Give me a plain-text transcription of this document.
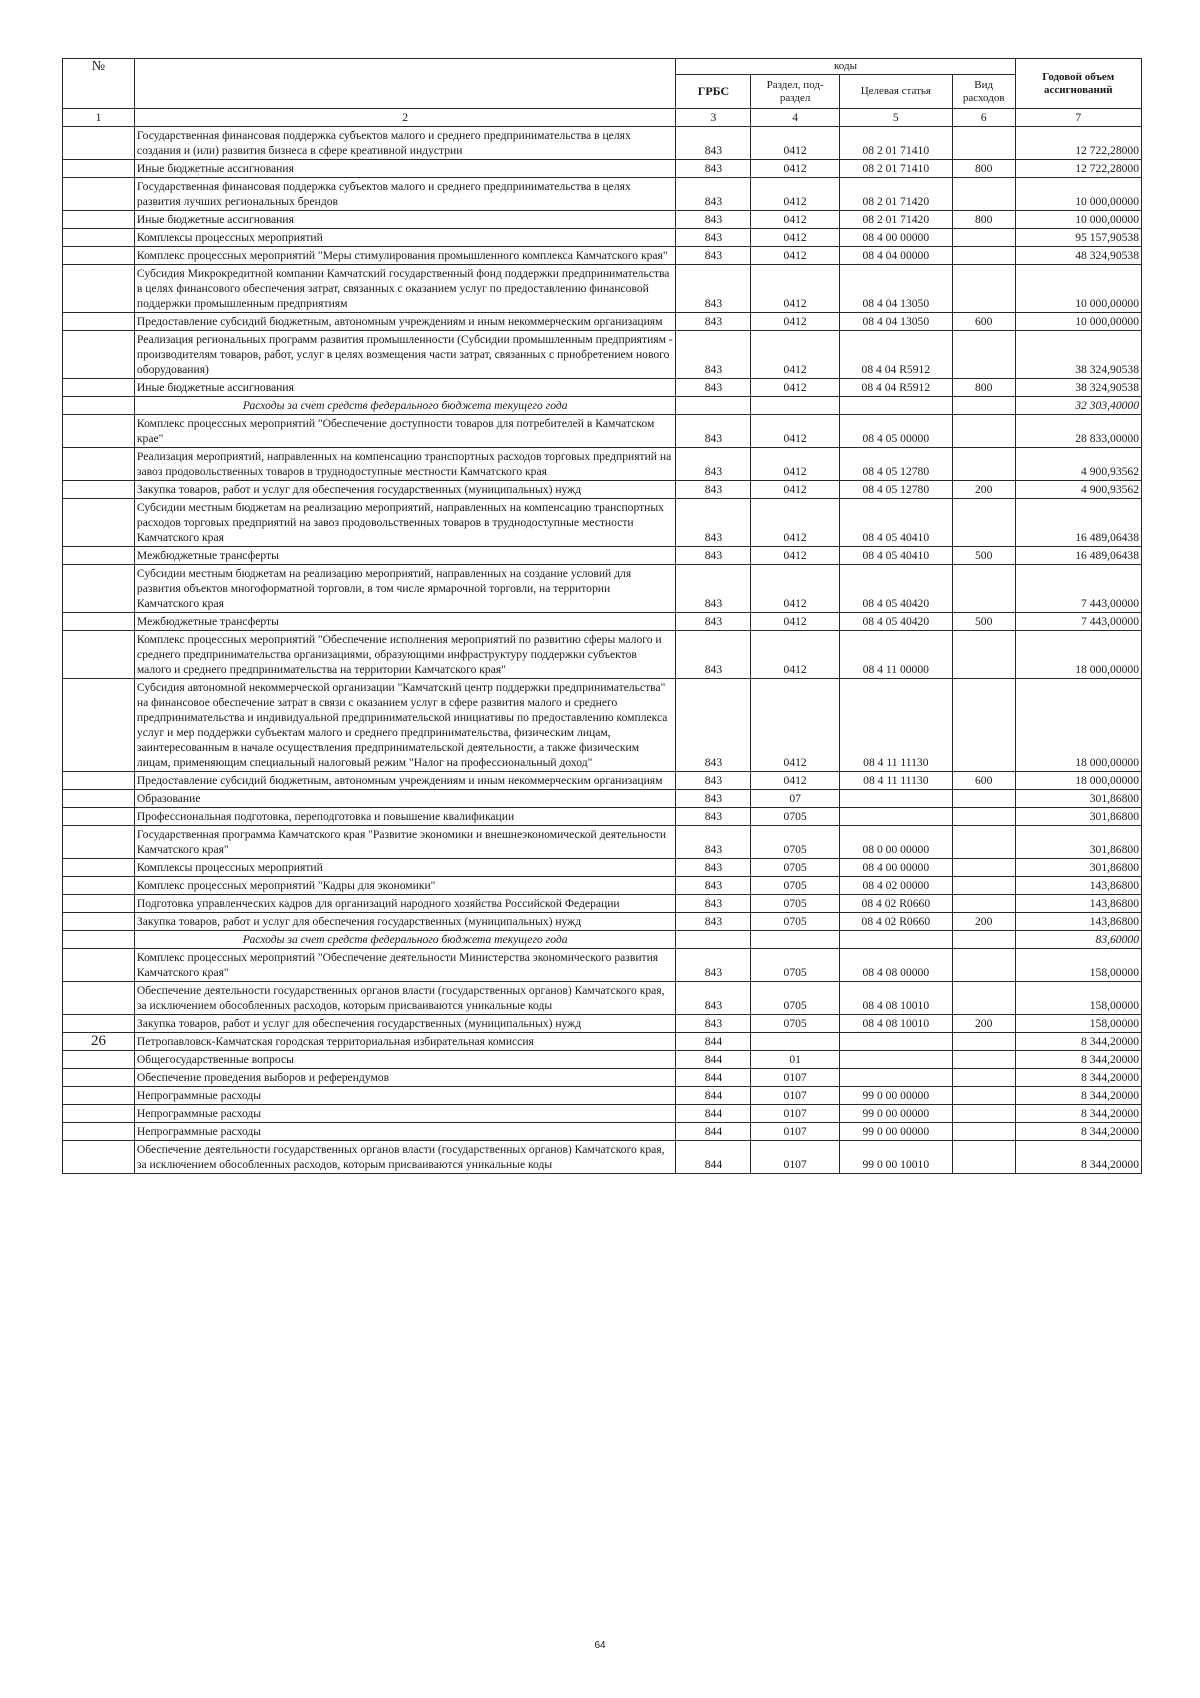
№		коды				Годовой объем ассигнований
		ГРБС	Раздел, под-раздел	Целевая статья	Вид расходов	
1	2	3	4	5	6	7
	Государственная финансовая поддержка субъектов малого и среднего предпринимательства в целях создания и (или) развития бизнеса в сфере креативной индустрии	843	0412	08 2 01 71410		12 722,28000
	Иные бюджетные ассигнования	843	0412	08 2 01 71410	800	12 722,28000
	Государственная финансовая поддержка субъектов малого и среднего предпринимательства в целях развития лучших региональных брендов	843	0412	08 2 01 71420		10 000,00000
	Иные бюджетные ассигнования	843	0412	08 2 01 71420	800	10 000,00000
	Комплексы процессных мероприятий	843	0412	08 4 00 00000		95 157,90538
	Комплекс процессных мероприятий "Меры стимулирования промышленного комплекса Камчатского края"	843	0412	08 4 04 00000		48 324,90538
	Субсидия Микрокредитной компании Камчатский государственный фонд поддержки предпринимательства в целях финансового обеспечения затрат, связанных с оказанием услуг по предоставлению финансовой поддержки промышленным предприятиям	843	0412	08 4 04 13050		10 000,00000
	Предоставление субсидий бюджетным, автономным учреждениям и иным некоммерческим организациям	843	0412	08 4 04 13050	600	10 000,00000
	Реализация региональных программ развития промышленности (Субсидии промышленным предприятиям - производителям товаров, работ, услуг в целях возмещения части затрат, связанных с приобретением нового оборудования)	843	0412	08 4 04 R5912		38 324,90538
	Иные бюджетные ассигнования	843	0412	08 4 04 R5912	800	38 324,90538
	Расходы за счет средств федерального бюджета текущего года					32 303,40000
	Комплекс процессных мероприятий "Обеспечение доступности товаров для потребителей в Камчатском крае"	843	0412	08 4 05 00000		28 833,00000
	Реализация мероприятий, направленных на компенсацию транспортных расходов торговых предприятий на завоз продовольственных товаров в труднодоступные местности Камчатского края	843	0412	08 4 05 12780		4 900,93562
	Закупка товаров, работ и услуг для обеспечения государственных (муниципальных) нужд	843	0412	08 4 05 12780	200	4 900,93562
	Субсидии местным бюджетам на реализацию мероприятий, направленных на компенсацию транспортных расходов торговых предприятий на завоз продовольственных товаров в труднодоступные местности Камчатского края	843	0412	08 4 05 40410		16 489,06438
	Межбюджетные трансферты	843	0412	08 4 05 40410	500	16 489,06438
	Субсидии местным бюджетам на реализацию мероприятий, направленных на создание условий для развития объектов многоформатной торговли, в том числе ярмарочной торговли, на территории Камчатского края	843	0412	08 4 05 40420		7 443,00000
	Межбюджетные трансферты	843	0412	08 4 05 40420	500	7 443,00000
	Комплекс процессных мероприятий "Обеспечение исполнения мероприятий по развитию сферы малого и среднего предпринимательства организациями, образующими инфраструктуру поддержки субъектов малого и среднего предпринимательства на территории Камчатского края"	843	0412	08 4 11 00000		18 000,00000
	Субсидия автономной некоммерческой организации "Камчатский центр поддержки предпринимательства" на финансовое обеспечение затрат в связи с оказанием услуг в сфере развития малого и среднего предпринимательства и индивидуальной предпринимательской инициативы по предоставлению комплекса услуг и мер поддержки субъектам малого и среднего предпринимательства, физическим лицам, заинтересованным в начале осуществления предпринимательской деятельности, а также физическим лицам, применяющим специальный налоговый режим "Налог на профессиональный доход"	843	0412	08 4 11 11130		18 000,00000
	Предоставление субсидий бюджетным, автономным учреждениям и иным некоммерческим организациям	843	0412	08 4 11 11130	600	18 000,00000
	Образование	843	07			301,86800
	Профессиональная подготовка, переподготовка и повышение квалификации	843	0705			301,86800
	Государственная программа Камчатского края "Развитие экономики и внешнеэкономической деятельности Камчатского края"	843	0705	08 0 00 00000		301,86800
	Комплексы процессных мероприятий	843	0705	08 4 00 00000		301,86800
	Комплекс процессных мероприятий "Кадры для экономики"	843	0705	08 4 02 00000		143,86800
	Подготовка управленческих кадров для организаций народного хозяйства Российской Федерации	843	0705	08 4 02 R0660		143,86800
	Закупка товаров, работ и услуг для обеспечения государственных (муниципальных) нужд	843	0705	08 4 02 R0660	200	143,86800
	Расходы за счет средств федерального бюджета текущего года					83,60000
	Комплекс процессных мероприятий "Обеспечение деятельности Министерства экономического развития Камчатского края"	843	0705	08 4 08 00000		158,00000
	Обеспечение деятельности государственных органов власти (государственных органов) Камчатского края, за исключением обособленных расходов, которым присваиваются уникальные коды	843	0705	08 4 08 10010		158,00000
	Закупка товаров, работ и услуг для обеспечения государственных (муниципальных) нужд	843	0705	08 4 08 10010	200	158,00000
26	Петропавловск-Камчатская городская территориальная избирательная комиссия	844				8 344,20000
	Общегосударственные вопросы	844	01			8 344,20000
	Обеспечение проведения выборов и референдумов	844	0107			8 344,20000
	Непрограммные расходы	844	0107	99 0 00 00000		8 344,20000
	Непрограммные расходы	844	0107	99 0 00 00000		8 344,20000
	Непрограммные расходы	844	0107	99 0 00 00000		8 344,20000
	Обеспечение деятельности государственных органов власти (государственных органов) Камчатского края, за исключением обособленных расходов, которым присваиваются уникальные коды	844	0107	99 0 00 10010		8 344,20000
64
